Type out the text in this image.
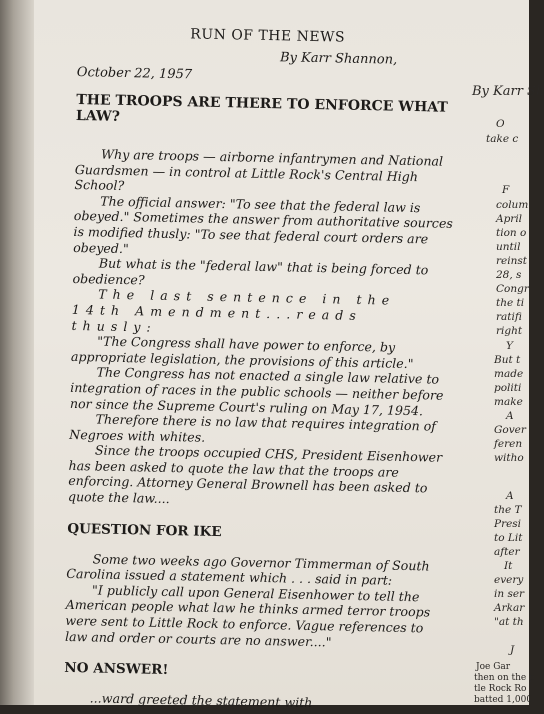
RUN OF THE NEWS
By Karr Shannon,
October 22, 1957
THE TROOPS ARE THERE TO ENFORCE WHAT LAW?

Why are troops — airborne infantrymen and National Guardsmen — in control at Little Rock's Central High School?

The official answer: "To see that the federal law is obeyed." Sometimes the answer from authoritative sources is modified thusly: "To see that federal court orders are obeyed."

But what is the "federal law" that is being forced to obedience?

The last sentence in the 14th Amendment...reads thusly:

"The Congress shall have power to enforce, by appropriate legislation, the provisions of this article."

The Congress has not enacted a single law relative to integration of races in the public schools — neither before nor since the Supreme Court's ruling on May 17, 1954.

Therefore there is no law that requires integration of Negroes with whites.

Since the troops occupied CHS, President Eisenhower has been asked to quote the law that the troops are enforcing. Attorney General Brownell has been asked to quote the law....

QUESTION FOR IKE

Some two weeks ago Governor Timmerman of South Carolina issued a statement which . . . said in part:

"I publicly call upon General Eisenhower to tell the American people what law he thinks armed terror troops were sent to Little Rock to enforce. Vague references to law and order or courts are no answer...."

NO ANSWER!

...ward greeted the statement with

By Karr Sh
O
take c
F
colum
April
tion o
until
reinst
28, s
Congr
the ti
ratifi
right
Y
But t
made
politi
make
A
Gover
feren
witho
A
the T
Presi
to Lit
after
It
every
in ser
Arkar
"at th
J
Joe Gar
then on the p
tle Rock Ro
batted 1,000.
